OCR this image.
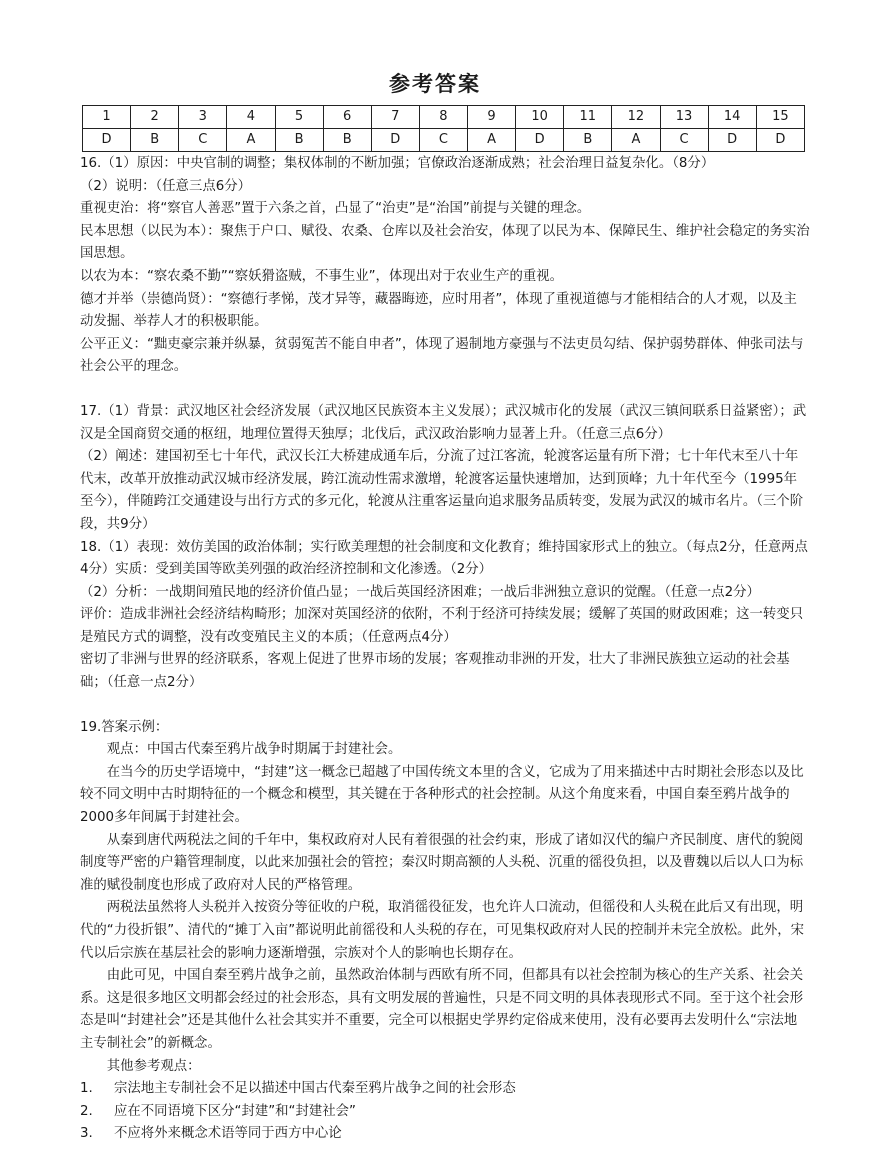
参考答案
1	2	3	4	5	6	7	8	9	10	11	12	13	14	15
D	B	C	A	B	B	D	C	A	D	B	A	C	D	D

16.（1）原因：中央官制的调整；集权体制的不断加强；官僚政治逐渐成熟；社会治理日益复杂化。（8分）

（2）说明：（任意三点6分）

重视吏治：将“察官人善恶”置于六条之首，凸显了“治吏”是“治国”前提与关键的理念。

民本思想（以民为本）：聚焦于户口、赋役、农桑、仓库以及社会治安，体现了以民为本、保障民生、维护社会稳定的务实治国思想。

以农为本：“察农桑不勤”“察妖猾盗贼，不事生业”，体现出对于农业生产的重视。

德才并举（崇德尚贤）：“察德行孝悌，茂才异等，藏器晦迹，应时用者”，体现了重视道德与才能相结合的人才观，以及主动发掘、举荐人才的积极职能。

公平正义：“黜吏豪宗兼并纵暴，贫弱冤苦不能自申者”，体现了遏制地方豪强与不法吏员勾结、保护弱势群体、伸张司法与社会公平的理念。

17.（1）背景：武汉地区社会经济发展（武汉地区民族资本主义发展）；武汉城市化的发展（武汉三镇间联系日益紧密）；武汉是全国商贸交通的枢纽，地理位置得天独厚；北伐后，武汉政治影响力显著上升。（任意三点6分）

（2）阐述：建国初至七十年代，武汉长江大桥建成通车后，分流了过江客流，轮渡客运量有所下滑；七十年代末至八十年代末，改革开放推动武汉城市经济发展，跨江流动性需求激增，轮渡客运量快速增加，达到顶峰；九十年代至今（1995年至今），伴随跨江交通建设与出行方式的多元化，轮渡从注重客运量向追求服务品质转变，发展为武汉的城市名片。（三个阶段，共9分）

18.（1）表现：效仿美国的政治体制；实行欧美理想的社会制度和文化教育；维持国家形式上的独立。（每点2分，任意两点4分）实质：受到美国等欧美列强的政治经济控制和文化渗透。（2分）

（2）分析：一战期间殖民地的经济价值凸显；一战后英国经济困难；一战后非洲独立意识的觉醒。（任意一点2分）

评价：造成非洲社会经济结构畸形；加深对英国经济的依附，不利于经济可持续发展；缓解了英国的财政困难；这一转变只是殖民方式的调整，没有改变殖民主义的本质；（任意两点4分）

密切了非洲与世界的经济联系，客观上促进了世界市场的发展；客观推动非洲的开发，壮大了非洲民族独立运动的社会基础；（任意一点2分）

19.答案示例：

观点：中国古代秦至鸦片战争时期属于封建社会。

在当今的历史学语境中，“封建”这一概念已超越了中国传统文本里的含义，它成为了用来描述中古时期社会形态以及比较不同文明中古时期特征的一个概念和模型，其关键在于各种形式的社会控制。从这个角度来看，中国自秦至鸦片战争的2000多年间属于封建社会。

从秦到唐代两税法之间的千年中，集权政府对人民有着很强的社会约束，形成了诸如汉代的编户齐民制度、唐代的貌阅制度等严密的户籍管理制度，以此来加强社会的管控；秦汉时期高额的人头税、沉重的徭役负担，以及曹魏以后以人口为标准的赋役制度也形成了政府对人民的严格管理。

两税法虽然将人头税并入按资分等征收的户税，取消徭役征发，也允许人口流动，但徭役和人头税在此后又有出现，明代的“力役折银”、清代的“摊丁入亩”都说明此前徭役和人头税的存在，可见集权政府对人民的控制并未完全放松。此外，宋代以后宗族在基层社会的影响力逐渐增强，宗族对个人的影响也长期存在。

由此可见，中国自秦至鸦片战争之前，虽然政治体制与西欧有所不同，但都具有以社会控制为核心的生产关系、社会关系。这是很多地区文明都会经过的社会形态，具有文明发展的普遍性，只是不同文明的具体表现形式不同。至于这个社会形态是叫“封建社会”还是其他什么社会其实并不重要，完全可以根据史学界约定俗成来使用，没有必要再去发明什么“宗法地主专制社会”的新概念。

其他参考观点：

1. 宗法地主专制社会不足以描述中国古代秦至鸦片战争之间的社会形态

2. 应在不同语境下区分“封建”和“封建社会”

3. 不应将外来概念术语等同于西方中心论
